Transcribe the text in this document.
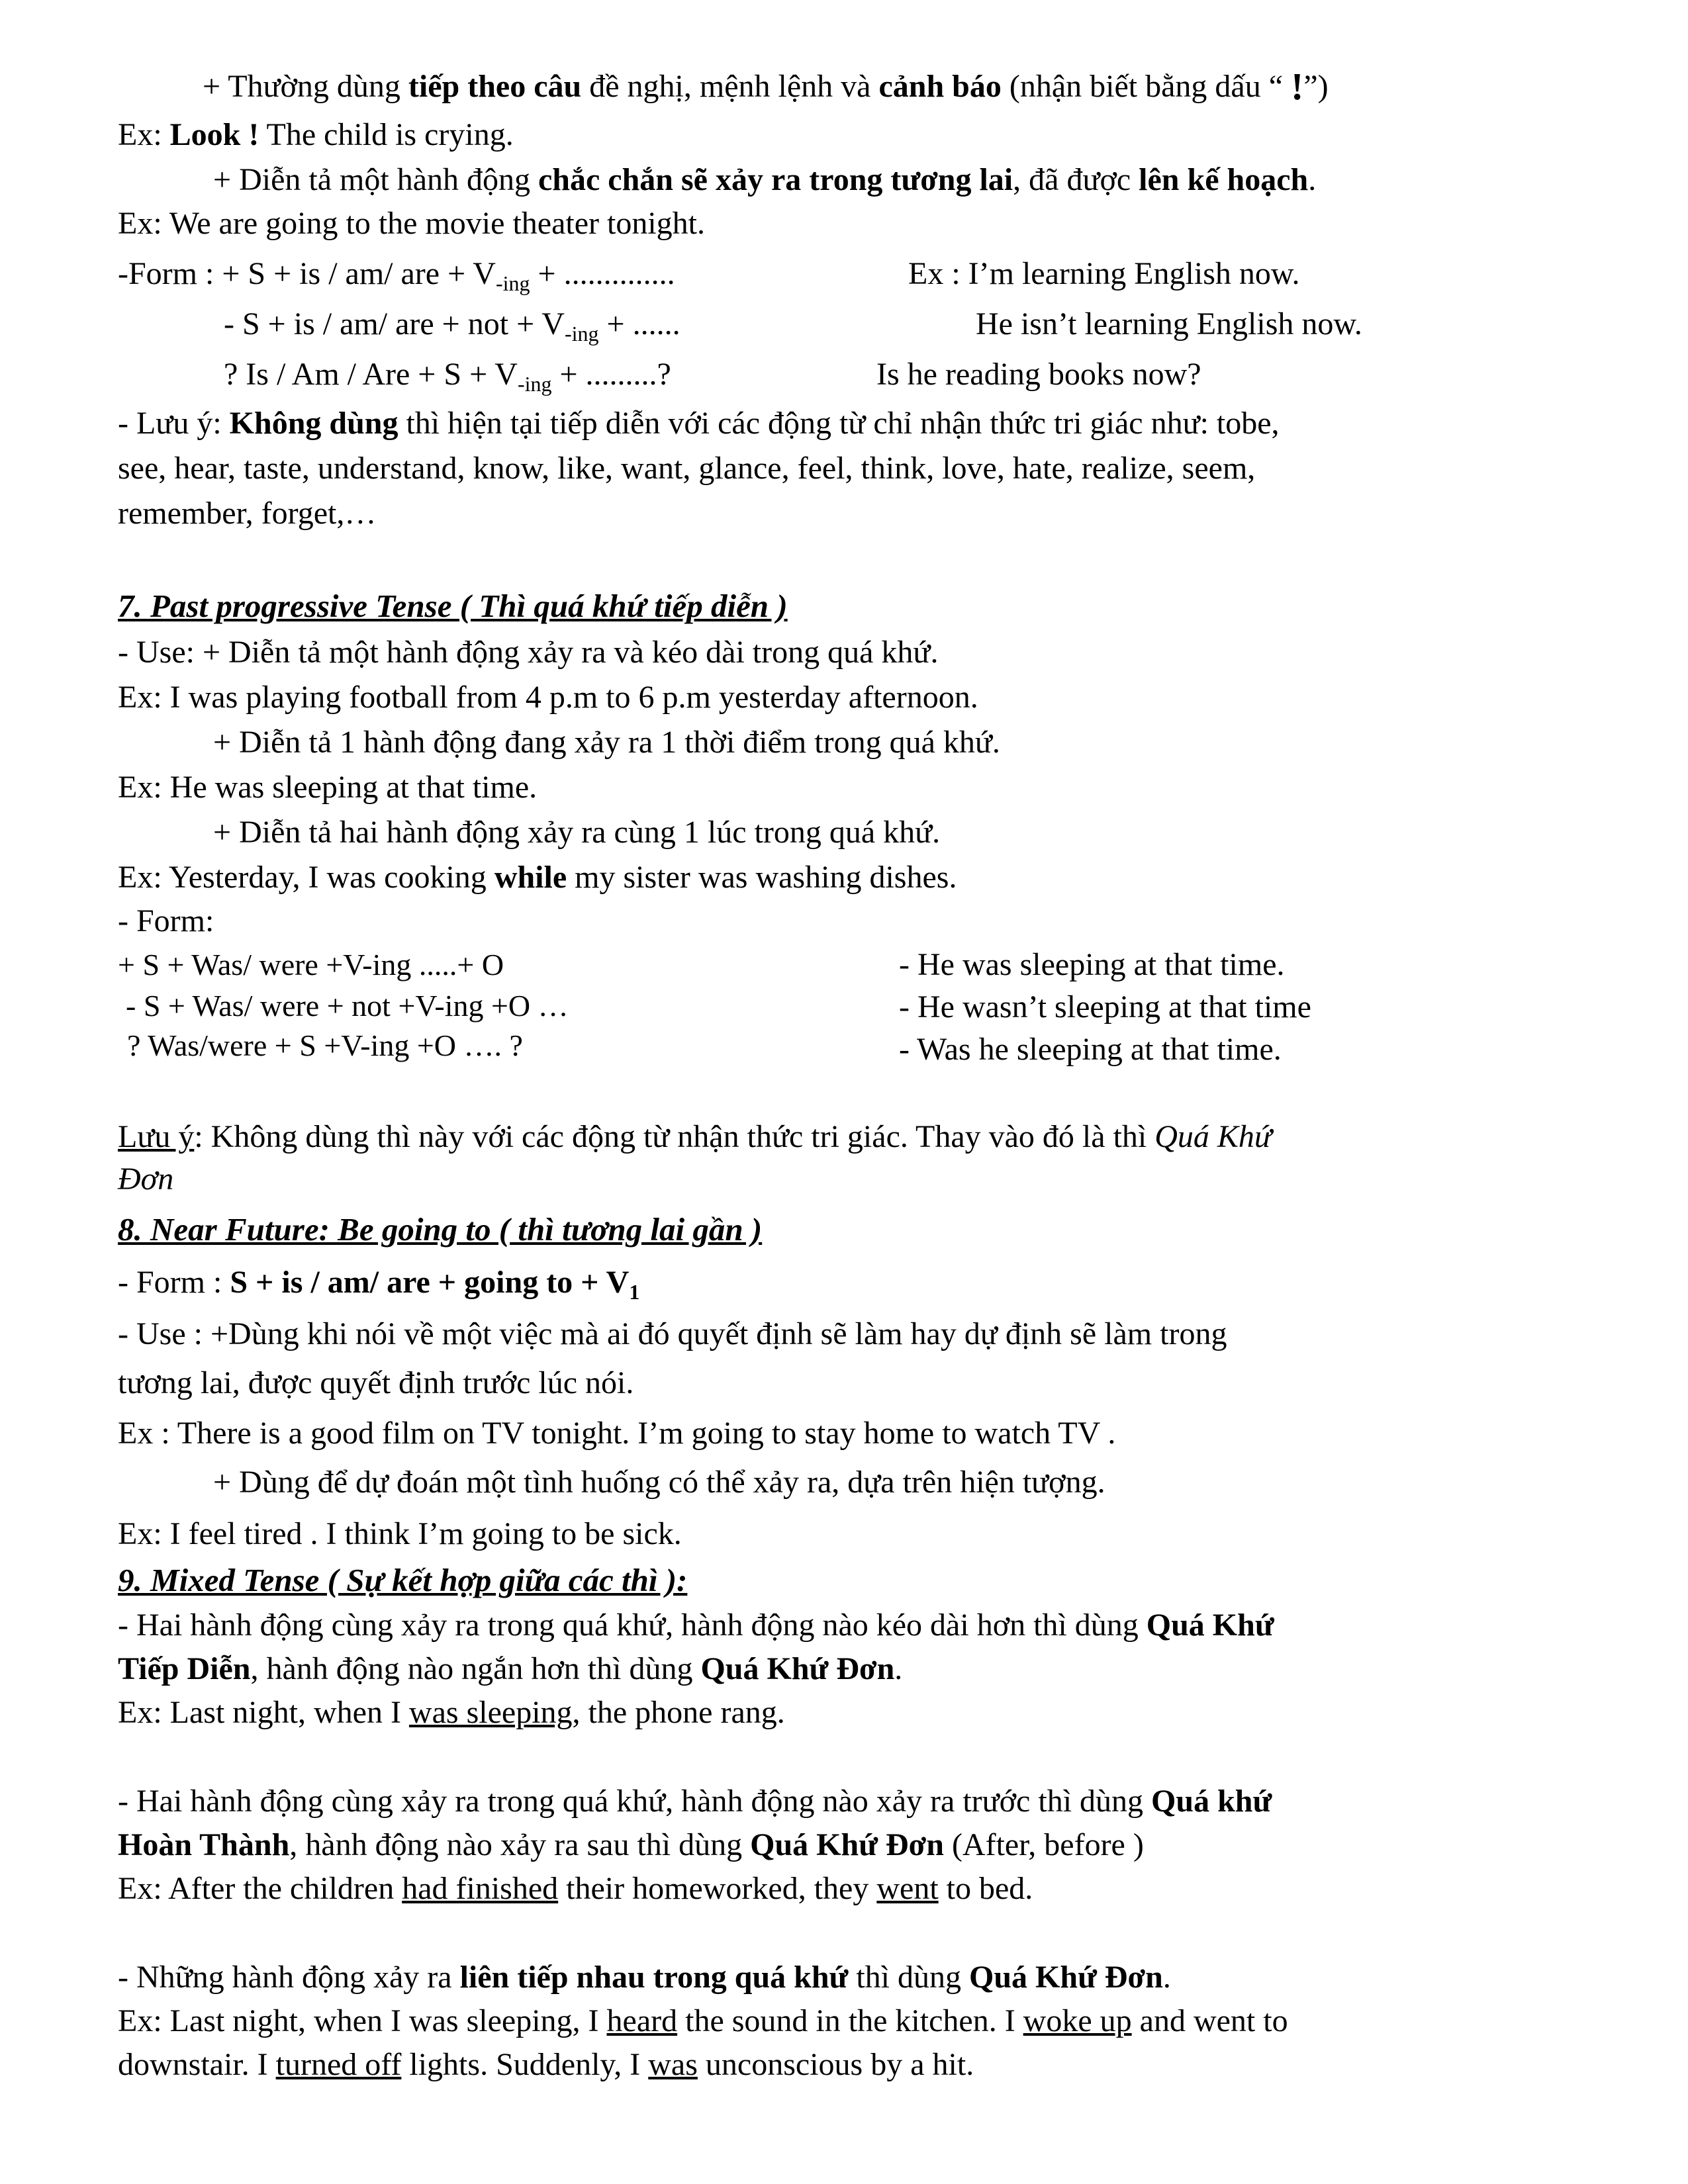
+ Thường dùng tiếp theo câu đề nghị, mệnh lệnh và cảnh báo (nhận biết bằng dấu “ !”)
Ex: Look ! The child is crying.
+ Diễn tả một hành động chắc chắn sẽ xảy ra trong tương lai, đã được lên kế hoạch.
Ex: We are going to the movie theater tonight.
-Form : + S + is / am/ are + $V_{-ing}$ + ..............	Ex : I’m learning English now.
- S + is / am/ are + not + $V_{-ing}$ + ......	He isn’t learning English now.
? Is / Am / Are + $S + V_{-ing}$ + .........?	Is he reading books now?
- Lưu ý: Không dùng thì hiện tại tiếp diễn với các động từ chỉ nhận thức tri giác như: tobe,
see, hear, taste, understand, know, like, want, glance, feel, think, love, hate, realize, seem,
remember, forget,…
7. Past progressive Tense ( Thì quá khứ tiếp diễn )
- Use: + Diễn tả một hành động xảy ra và kéo dài trong quá khứ.
Ex: I was playing football from 4 p.m to 6 p.m yesterday afternoon.
+ Diễn tả 1 hành động đang xảy ra 1 thời điểm trong quá khứ.
Ex: He was sleeping at that time.
+ Diễn tả hai hành động xảy ra cùng 1 lúc trong quá khứ.
Ex: Yesterday, I was cooking while my sister was washing dishes.
- Form:
+ S + Was/ were +V-ing .....+ O	- He was sleeping at that time.
- S + Was/ were + not +V-ing +O …	- He wasn’t sleeping at that time
? Was/were + S +V-ing +O …. ?	- Was he sleeping at that time.
Lưu ý: Không dùng thì này với các động từ nhận thức tri giác. Thay vào đó là thì Quá Khứ
Đơn
8. Near Future: Be going to ( thì tương lai gần )
- Form : S + is / am/ are + going to + $V_1$
- Use : +Dùng khi nói về một việc mà ai đó quyết định sẽ làm hay dự định sẽ làm trong
tương lai, được quyết định trước lúc nói.
Ex : There is a good film on TV tonight. I’m going to stay home to watch TV .
+ Dùng để dự đoán một tình huống có thể xảy ra, dựa trên hiện tượng.
Ex: I feel tired . I think I’m going to be sick.
9. Mixed Tense ( Sự kết hợp giữa các thì ):
- Hai hành động cùng xảy ra trong quá khứ, hành động nào kéo dài hơn thì dùng Quá Khứ
Tiếp Diễn, hành động nào ngắn hơn thì dùng Quá Khứ Đơn.
Ex: Last night, when I was sleeping, the phone rang.
- Hai hành động cùng xảy ra trong quá khứ, hành động nào xảy ra trước thì dùng Quá khứ
Hoàn Thành, hành động nào xảy ra sau thì dùng Quá Khứ Đơn (After, before )
Ex: After the children had finished their homeworked, they went to bed.
- Những hành động xảy ra liên tiếp nhau trong quá khứ thì dùng Quá Khứ Đơn.
Ex: Last night, when I was sleeping, I heard the sound in the kitchen. I woke up and went to
downstair. I turned off lights. Suddenly, I was unconscious by a hit.
